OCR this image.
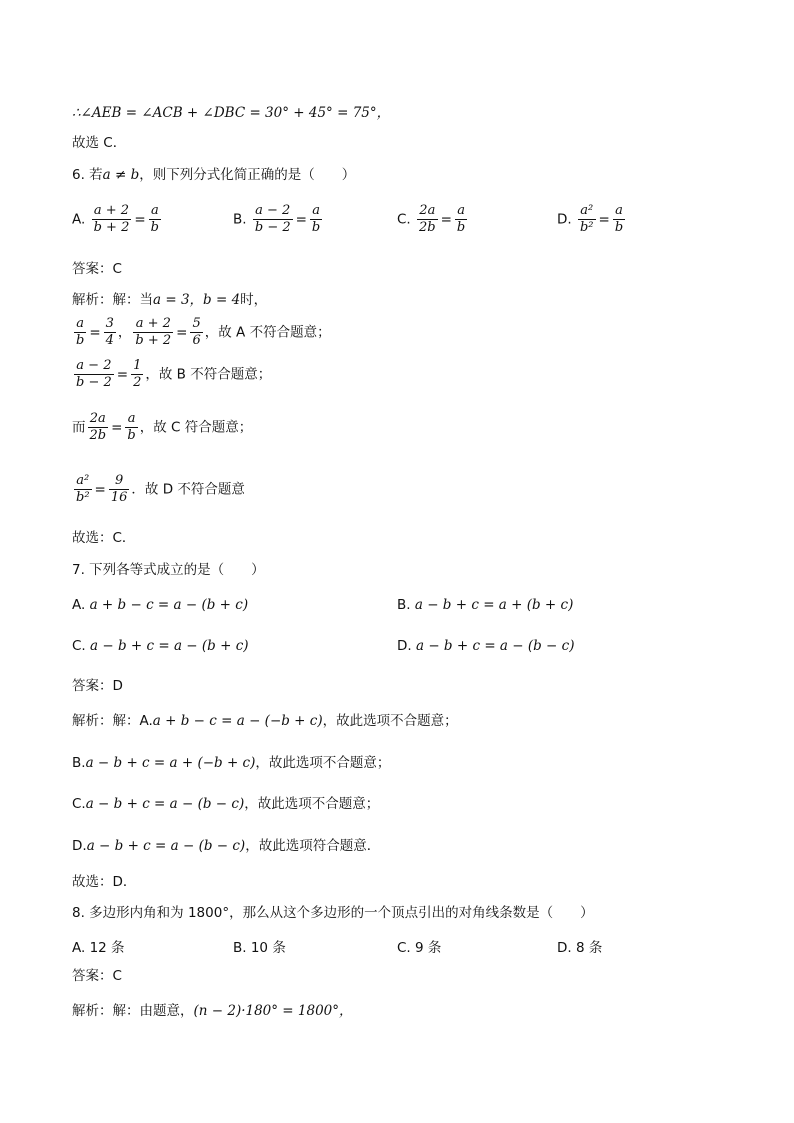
∴∠AEB = ∠ACB + ∠DBC = 30° + 45° = 75°，
故选 C．
6. 若a ≠ b，则下列分式化简正确的是（　　）
A. $\frac{a + 2}{b + 2} = \frac{a}{b}$	B. $\frac{a - 2}{b - 2} = \frac{a}{b}$	C. $\frac{2a}{2b} = \frac{a}{b}$	D. $\frac{\text{a²}}{\text{b²}} = \frac{a}{b}$
答案：C
解析：解：当a = 3，b = 4时，
$\frac{a}{b} = \frac{3}{4}$ ， $\frac{a + 2}{b + 2} = \frac{5}{6}$ ，故 A 不符合题意；
$\frac{a - 2}{b - 2} = \frac{1}{2}$ ，故 B 不符合题意；
而 $\frac{2a}{2b} = \frac{a}{b}$ ，故 C 符合题意；
$\frac{\text{a²}}{\text{b²}} = \frac{9}{16}$ ．故 D 不符合题意
故选：C．
7. 下列各等式成立的是（　　）
A. a + b − c = a − (b + c)	B. a − b + c = a + (b + c)
C. a − b + c = a − (b + c)	D. a − b + c = a − (b − c)
答案：D
解析：解：A.a + b − c = a − (−b + c)，故此选项不合题意；
B.a − b + c = a + (−b + c)，故此选项不合题意；
C.a − b + c = a − (b − c)，故此选项不合题意；
D.a − b + c = a − (b − c)，故此选项符合题意．
故选：D．
8. 多边形内角和为 1800°，那么从这个多边形的一个顶点引出的对角线条数是（　　）
A. 12 条	B. 10 条	C. 9 条	D. 8 条
答案：C
解析：解：由题意，(n − 2)·180° = 1800°，
